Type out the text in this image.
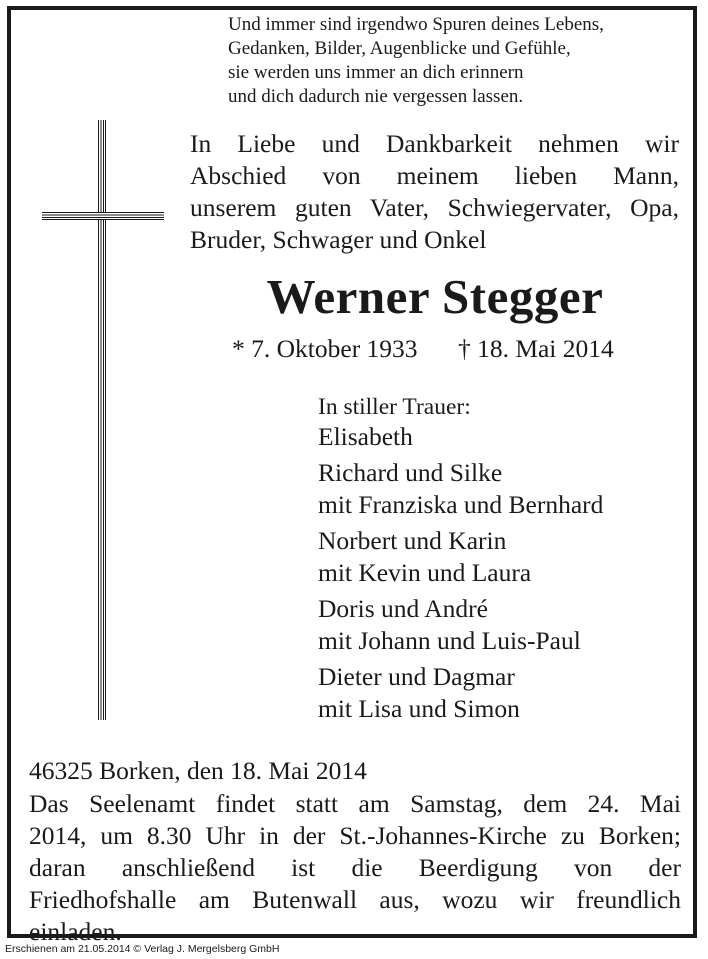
Und immer sind irgendwo Spuren deines Lebens,
Gedanken, Bilder, Augenblicke und Gefühle,
sie werden uns immer an dich erinnern
und dich dadurch nie vergessen lassen.
In Liebe und Dankbarkeit nehmen wir
Abschied von meinem lieben Mann,
unserem guten Vater, Schwiegervater, Opa,
Bruder, Schwager und Onkel
Werner Stegger
* 7. Oktober 1933 † 18. Mai 2014
In stiller Trauer:
Elisabeth
Richard und Silke
mit Franziska und Bernhard
Norbert und Karin
mit Kevin und Laura
Doris und André
mit Johann und Luis-Paul
Dieter und Dagmar
mit Lisa und Simon
46325 Borken, den 18. Mai 2014
Das Seelenamt findet statt am Samstag, dem 24. Mai
2014, um 8.30 Uhr in der St.-Johannes-Kirche zu Borken;
daran anschließend ist die Beerdigung von der
Friedhofshalle am Butenwall aus, wozu wir freundlich
einladen.
Erschienen am 21.05.2014 © Verlag J. Mergelsberg GmbH
